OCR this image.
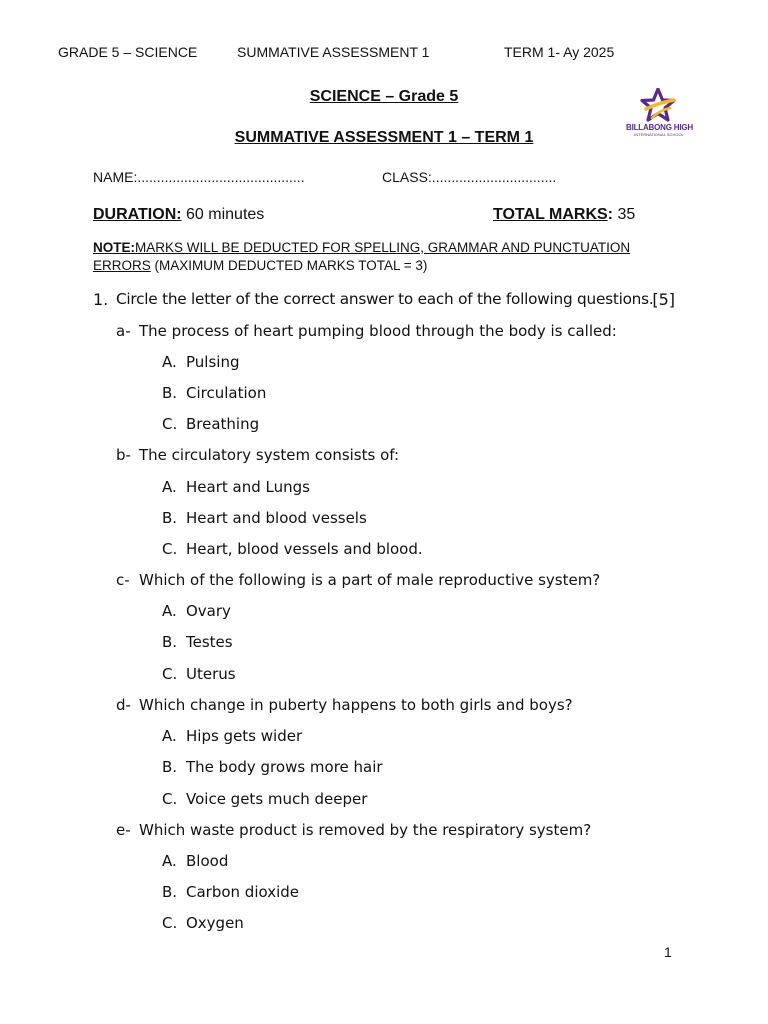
GRADE 5 – SCIENCE	SUMMATIVE ASSESSMENT 1	TERM 1- Ay 2025
SCIENCE – Grade 5
SUMMATIVE ASSESSMENT 1 – TERM 1
BILLABONG HIGH
INTERNATIONAL SCHOOL
NAME:...........................................	CLASS:................................
DURATION: 60 minutes	TOTAL MARKS: 35
NOTE:MARKS WILL BE DEDUCTED FOR SPELLING, GRAMMAR AND PUNCTUATION
ERRORS (MAXIMUM DEDUCTED MARKS TOTAL = 3)
1. Circle the letter of the correct answer to each of the following questions.
[5]
a- The process of heart pumping blood through the body is called:
A. Pulsing
B. Circulation
C. Breathing
b- The circulatory system consists of:
A. Heart and Lungs
B. Heart and blood vessels
C. Heart, blood vessels and blood.
c- Which of the following is a part of male reproductive system?
A. Ovary
B. Testes
C. Uterus
d- Which change in puberty happens to both girls and boys?
A. Hips gets wider
B. The body grows more hair
C. Voice gets much deeper
e- Which waste product is removed by the respiratory system?
A. Blood
B. Carbon dioxide
C. Oxygen
1
